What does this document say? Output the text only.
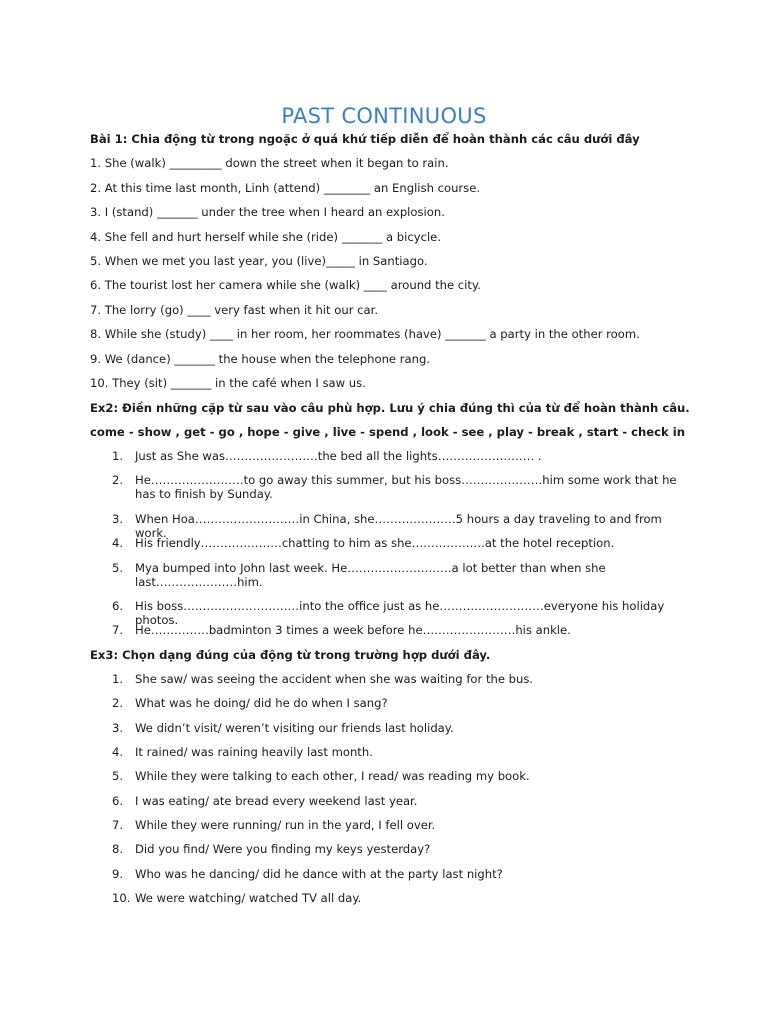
PAST CONTINUOUS
Bài 1: Chia động từ trong ngoặc ở quá khứ tiếp diễn để hoàn thành các câu dưới đây
1. She (walk) _________ down the street when it began to rain.
2. At this time last month, Linh (attend) ________ an English course.
3. I (stand) _______ under the tree when I heard an explosion.
4. She fell and hurt herself while she (ride) _______ a bicycle.
5. When we met you last year, you (live)_____ in Santiago.
6. The tourist lost her camera while she (walk) ____ around the city.
7. The lorry (go) ____ very fast when it hit our car.
8. While she (study) ____ in her room, her roommates (have) _______ a party in the other room.
9. We (dance) _______ the house when the telephone rang.
10. They (sit) _______ in the café when I saw us.
Ex2: Điền những cặp từ sau vào câu phù hợp. Lưu ý chia đúng thì của từ để hoàn thành câu.
come - show , get - go , hope - give , live - spend , look - see , play - break , start - check in
1. Just as She was……………………the bed all the lights……………………. .
2. He……………………to go away this summer, but his boss…………………him some work that he has to finish by Sunday.
3. When Hoa………………………in China, she…………………5 hours a day traveling to and from work.
4. His friendly…………………chatting to him as she……………….at the hotel reception.
5. Mya bumped into John last week. He………………………a lot better than when she last…………………him.
6. His boss…………………………into the office just as he………………………everyone his holiday photos.
7. He……………badminton 3 times a week before he……………………his ankle.
Ex3: Chọn dạng đúng của động từ trong trường hợp dưới đây.
1. She saw/ was seeing the accident when she was waiting for the bus.
2. What was he doing/ did he do when I sang?
3. We didn’t visit/ weren’t visiting our friends last holiday.
4. It rained/ was raining heavily last month.
5. While they were talking to each other, I read/ was reading my book.
6. I was eating/ ate bread every weekend last year.
7. While they were running/ run in the yard, I fell over.
8. Did you find/ Were you finding my keys yesterday?
9. Who was he dancing/ did he dance with at the party last night?
10. We were watching/ watched TV all day.
